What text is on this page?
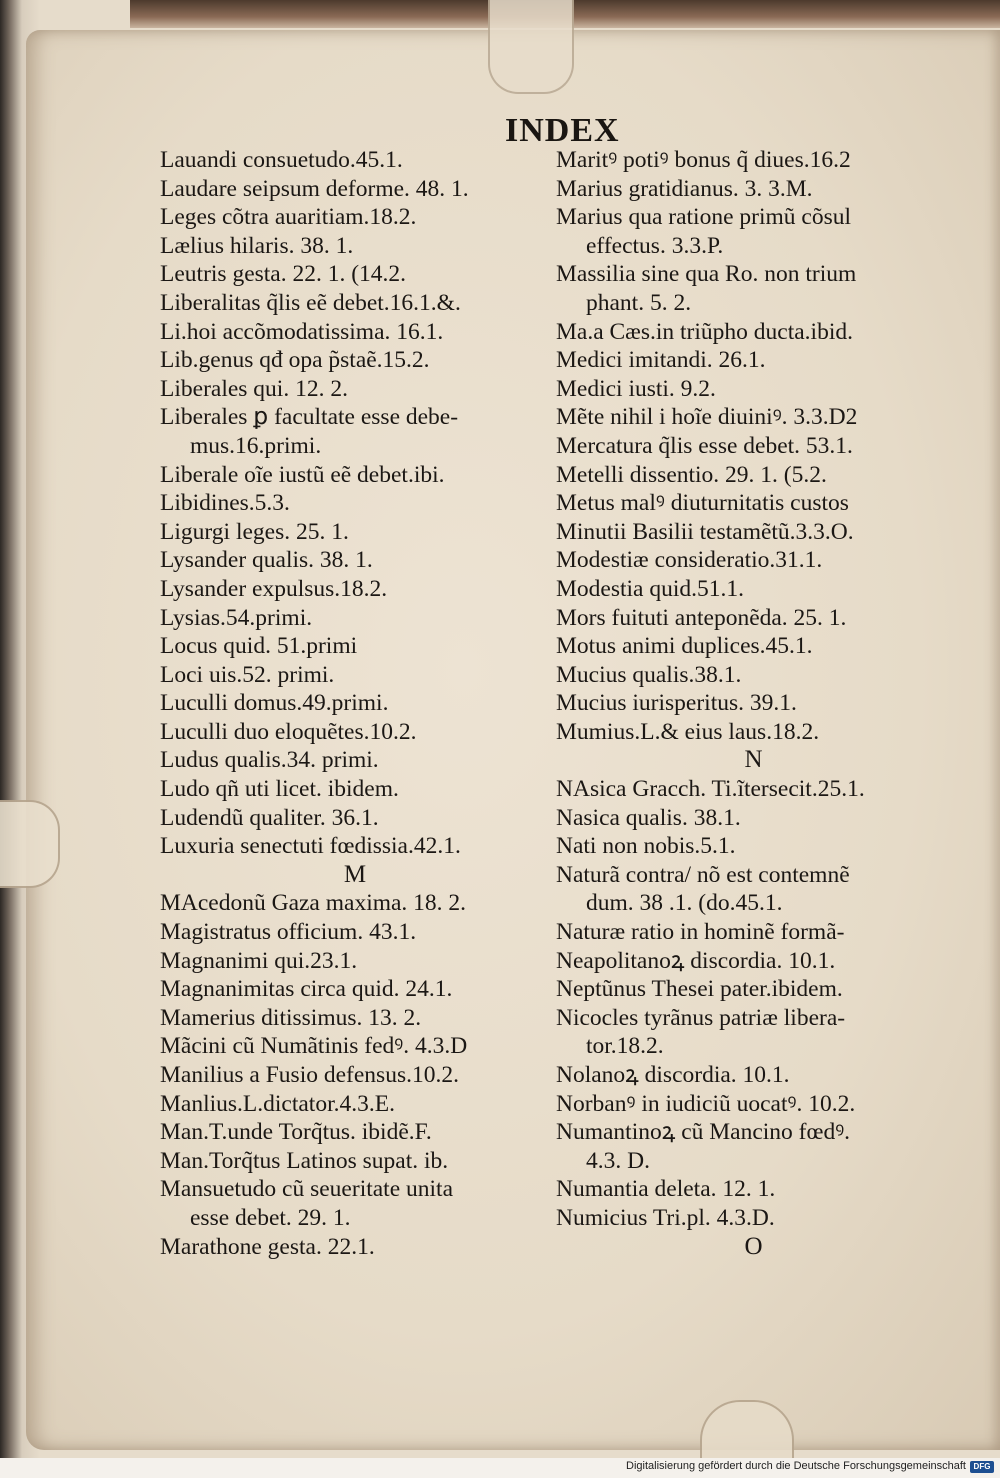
INDEX
Lauandi consuetudo.45.1.
Laudare seipsum deforme. 48. 1.
Leges cõtra auaritiam.18.2.
Lælius hilaris. 38. 1.
Leutris gesta. 22. 1. (14.2.
Liberalitas q̃lis eẽ debet.16.1.&.
Li.hoi accõmodatissima. 16.1.
Lib.genus qđ opa p̃staẽ.15.2.
Liberales qui. 12. 2.
Liberales ꝑ facultate esse debe-
mus.16.primi.
Liberale oĩe iustũ eẽ debet.ibi.
Libidines.5.3.
Ligurgi leges. 25. 1.
Lysander qualis. 38. 1.
Lysander expulsus.18.2.
Lysias.54.primi.
Locus quid. 51.primi
Loci uis.52. primi.
Luculli domus.49.primi.
Luculli duo eloquẽtes.10.2.
Ludus qualis.34. primi.
Ludo qñ uti licet. ibidem.
Ludendũ qualiter. 36.1.
Luxuria senectuti fœdissia.42.1.
M
MAcedonũ Gaza maxima. 18. 2.
Magistratus officium. 43.1.
Magnanimi qui.23.1.
Magnanimitas circa quid. 24.1.
Mamerius ditissimus. 13. 2.
Mãcini cũ Numãtinis fedꝰ. 4.3.D
Manilius a Fusio defensus.10.2.
Manlius.L.dictator.4.3.E.
Man.T.unde Torq̃tus. ibidẽ.F.
Man.Torq̃tus Latinos supat. ib.
Mansuetudo cũ seueritate unita
esse debet. 29. 1.
Marathone gesta. 22.1.
Maritꝰ potiꝰ bonus q̃ diues.16.2
Marius gratidianus. 3. 3.M.
Marius qua ratione primũ cõsul
effectus. 3.3.P.
Massilia sine qua Ro. non trium
phant. 5. 2.
Ma.a Cæs.in triũpho ducta.ibid.
Medici imitandi. 26.1.
Medici iusti. 9.2.
Mẽte nihil i hoĩe diuiniꝰ. 3.3.D2
Mercatura q̃lis esse debet. 53.1.
Metelli dissentio. 29. 1. (5.2.
Metus malꝰ diuturnitatis custos
Minutii Basilii testamẽtũ.3.3.O.
Modestiæ consideratio.31.1.
Modestia quid.51.1.
Mors fuituti anteponẽda. 25. 1.
Motus animi duplices.45.1.
Mucius qualis.38.1.
Mucius iurisperitus. 39.1.
Mumius.L.& eius laus.18.2.
N
NAsica Gracch. Ti.ĩtersecit.25.1.
Nasica qualis. 38.1.
Nati non nobis.5.1.
Naturã contra/ nõ est contemnẽ
dum. 38 .1. (do.45.1.
Naturæ ratio in hominẽ formã-
Neapolitanoꝝ discordia. 10.1.
Neptũnus Thesei pater.ibidem.
Nicocles tyrãnus patriæ libera-
tor.18.2.
Nolanoꝝ discordia. 10.1.
Norbanꝰ in iudiciũ uocatꝰ. 10.2.
Numantinoꝝ cũ Mancino fœdꝰ.
4.3. D.
Numantia deleta. 12. 1.
Numicius Tri.pl. 4.3.D.
O
Digitalisierung gefördert durch die Deutsche Forschungsgemeinschaft DFG
